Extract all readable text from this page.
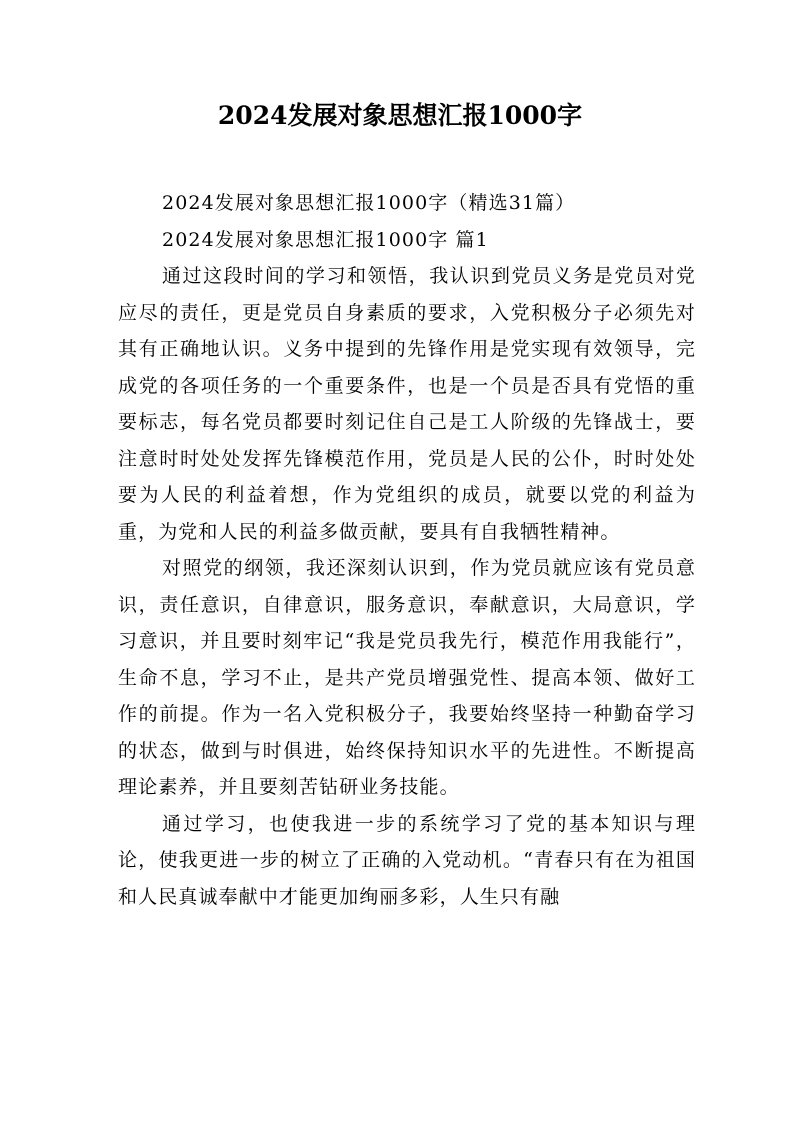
2024发展对象思想汇报1000字

2024发展对象思想汇报1000字（精选31篇）

2024发展对象思想汇报1000字 篇1

通过这段时间的学习和领悟，我认识到党员义务是党员对党应尽的责任，更是党员自身素质的要求，入党积极分子必须先对其有正确地认识。义务中提到的先锋作用是党实现有效领导，完成党的各项任务的一个重要条件，也是一个员是否具有党悟的重要标志，每名党员都要时刻记住自己是工人阶级的先锋战士，要注意时时处处发挥先锋模范作用，党员是人民的公仆，时时处处要为人民的利益着想，作为党组织的成员，就要以党的利益为重，为党和人民的利益多做贡献，要具有自我牺牲精神。

对照党的纲领，我还深刻认识到，作为党员就应该有党员意识，责任意识，自律意识，服务意识，奉献意识，大局意识，学习意识，并且要时刻牢记“我是党员我先行，模范作用我能行”，生命不息，学习不止，是共产党员增强党性、提高本领、做好工作的前提。作为一名入党积极分子，我要始终坚持一种勤奋学习的状态，做到与时俱进，始终保持知识水平的先进性。不断提高理论素养，并且要刻苦钻研业务技能。

通过学习，也使我进一步的系统学习了党的基本知识与理论，使我更进一步的树立了正确的入党动机。“青春只有在为祖国和人民真诚奉献中才能更加绚丽多彩，人生只有融
